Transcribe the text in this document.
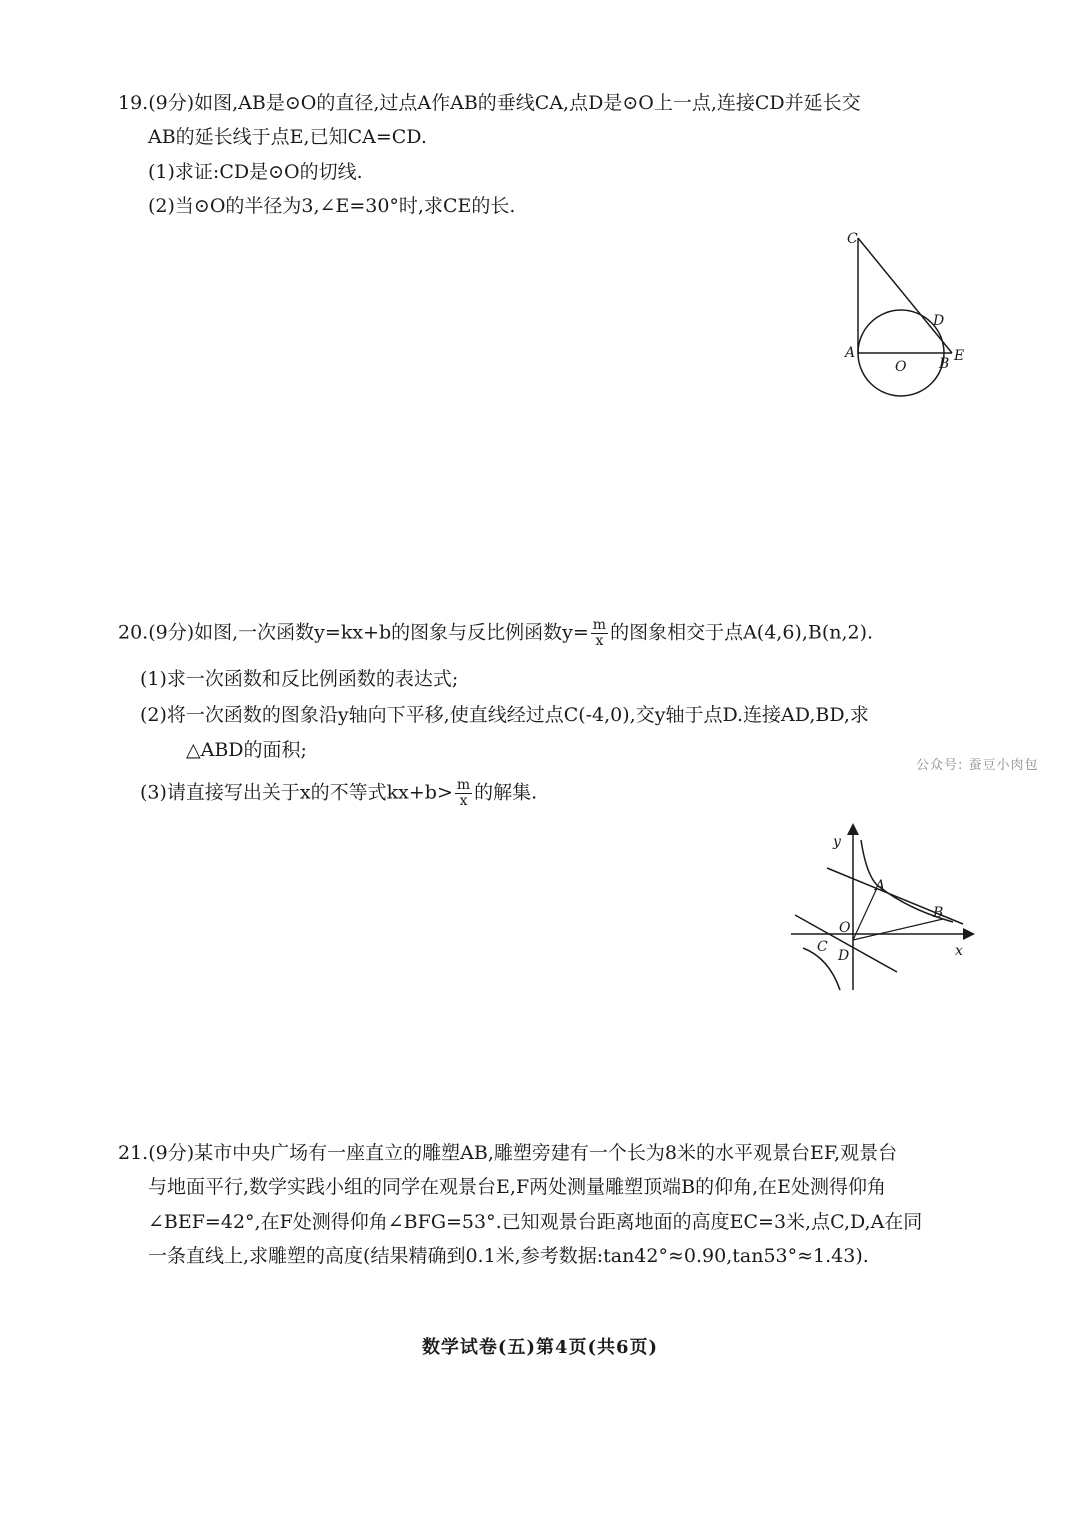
19.(9分)如图,AB是⊙O的直径,过点A作AB的垂线CA,点D是⊙O上一点,连接CD并延长交
AB的延长线于点E,已知CA=CD.
(1)求证:CD是⊙O的切线.
(2)当⊙O的半径为3,∠E=30°时,求CE的长.
C
D
A
O B E
20.(9分)如图,一次函数y=kx+b的图象与反比例函数$y= \frac{m}{x}$ 的图象相交于点A(4,6),B(n,2).
(1)求一次函数和反比例函数的表达式;
(2)将一次函数的图象沿y轴向下平移,使直线经过点C(-4,0),交y轴于点D.连接AD,BD,求
△ABD的面积;
(3)请直接写出关于x的不等式$kx+b> \frac{m}{x}$ 的解集.
公众号: 蚕豆小肉包
y
x
A
B
O
C
D
21.(9分)某市中央广场有一座直立的雕塑AB,雕塑旁建有一个长为8米的水平观景台EF,观景台
与地面平行,数学实践小组的同学在观景台E,F两处测量雕塑顶端B的仰角,在E处测得仰角
∠BEF=42°,在F处测得仰角∠BFG=53°.已知观景台距离地面的高度EC=3米,点C,D,A在同
一条直线上,求雕塑的高度(结果精确到0.1米,参考数据:tan42°≈0.90,tan53°≈1.43).
数学试卷(五)第4页(共6页)
